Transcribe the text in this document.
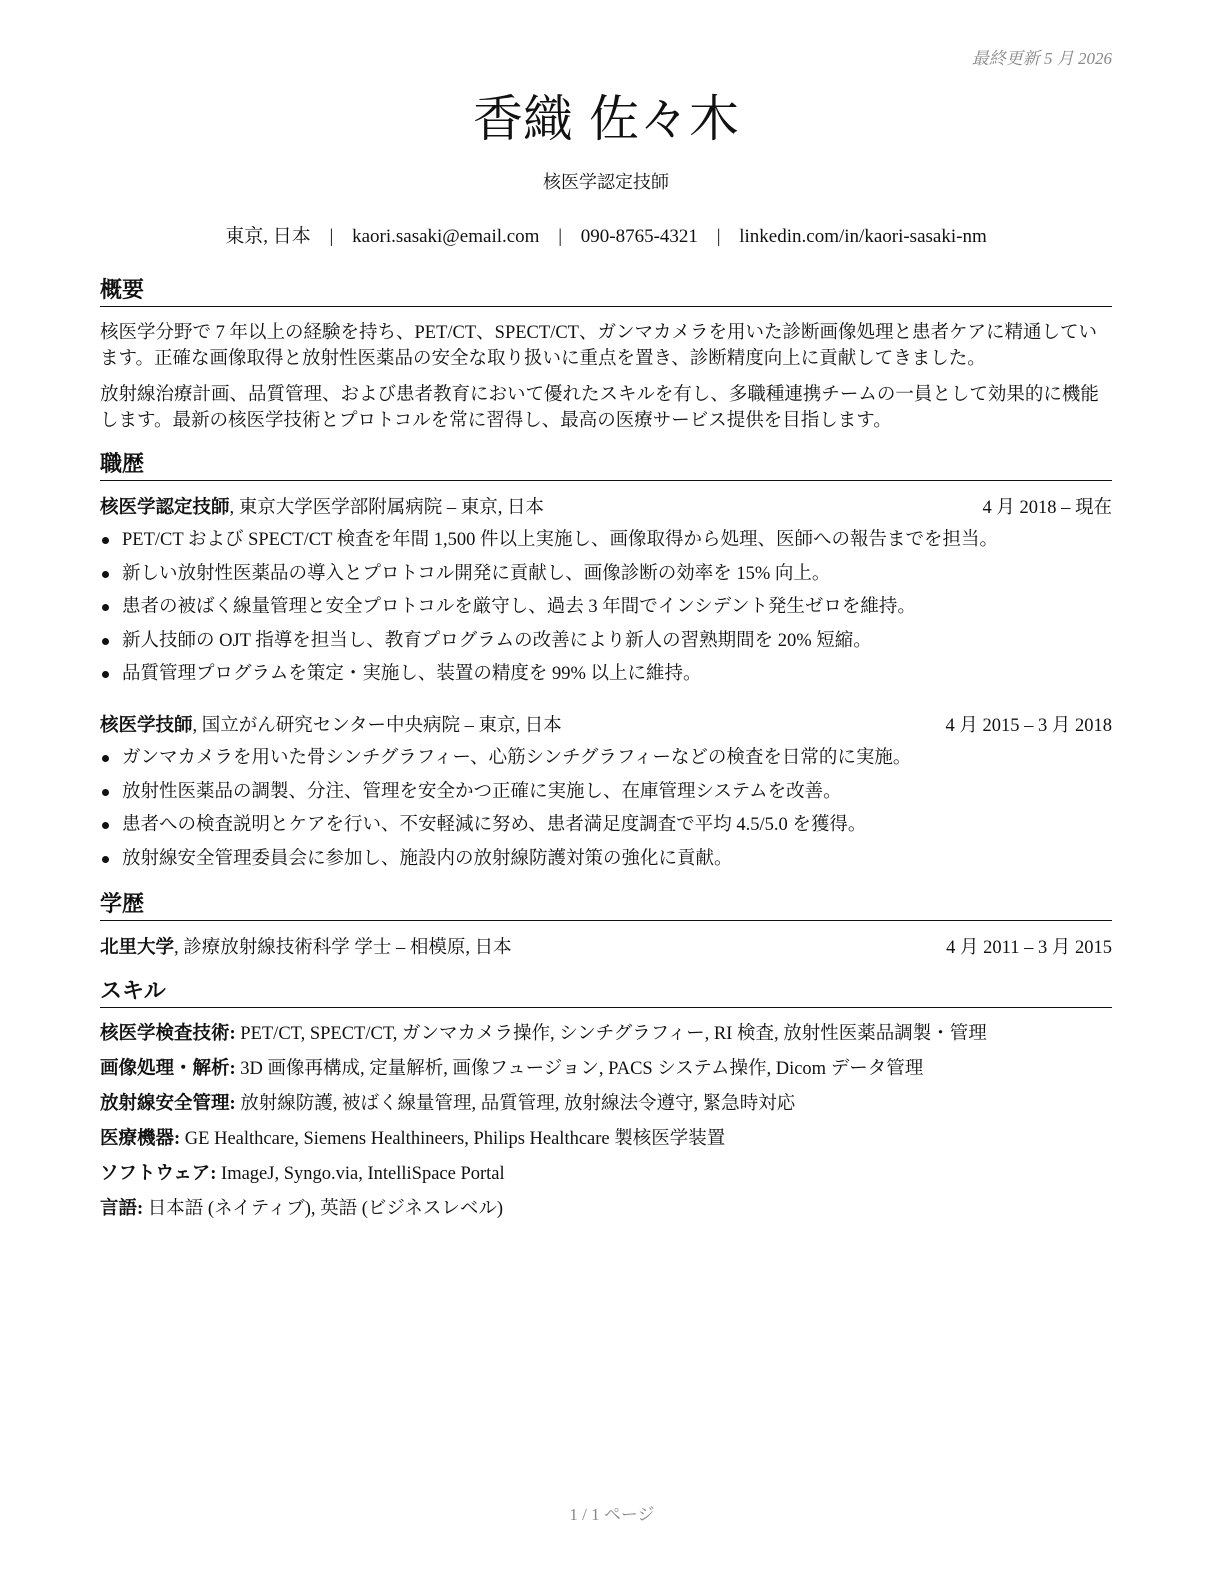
最終更新 5 月 2026
香織 佐々木
核医学認定技師
東京, 日本 | kaori.sasaki@email.com | 090-8765-4321 | linkedin.com/in/kaori-sasaki-nm
概要
核医学分野で 7 年以上の経験を持ち、PET/CT、SPECT/CT、ガンマカメラを用いた診断画像処理と患者ケアに精通しています。正確な画像取得と放射性医薬品の安全な取り扱いに重点を置き、診断精度向上に貢献してきました。
放射線治療計画、品質管理、および患者教育において優れたスキルを有し、多職種連携チームの一員として効果的に機能します。最新の核医学技術とプロトコルを常に習得し、最高の医療サービス提供を目指します。
職歴
核医学認定技師, 東京大学医学部附属病院 – 東京, 日本	4 月 2018 – 現在
PET/CT および SPECT/CT 検査を年間 1,500 件以上実施し、画像取得から処理、医師への報告までを担当。
新しい放射性医薬品の導入とプロトコル開発に貢献し、画像診断の効率を 15% 向上。
患者の被ばく線量管理と安全プロトコルを厳守し、過去 3 年間でインシデント発生ゼロを維持。
新人技師の OJT 指導を担当し、教育プログラムの改善により新人の習熟期間を 20% 短縮。
品質管理プログラムを策定・実施し、装置の精度を 99% 以上に維持。
核医学技師, 国立がん研究センター中央病院 – 東京, 日本	4 月 2015 – 3 月 2018
ガンマカメラを用いた骨シンチグラフィー、心筋シンチグラフィーなどの検査を日常的に実施。
放射性医薬品の調製、分注、管理を安全かつ正確に実施し、在庫管理システムを改善。
患者への検査説明とケアを行い、不安軽減に努め、患者満足度調査で平均 4.5/5.0 を獲得。
放射線安全管理委員会に参加し、施設内の放射線防護対策の強化に貢献。
学歴
北里大学, 診療放射線技術科学 学士 – 相模原, 日本	4 月 2011 – 3 月 2015
スキル
核医学検査技術: PET/CT, SPECT/CT, ガンマカメラ操作, シンチグラフィー, RI 検査, 放射性医薬品調製・管理
画像処理・解析: 3D 画像再構成, 定量解析, 画像フュージョン, PACS システム操作, Dicom データ管理
放射線安全管理: 放射線防護, 被ばく線量管理, 品質管理, 放射線法令遵守, 緊急時対応
医療機器: GE Healthcare, Siemens Healthineers, Philips Healthcare 製核医学装置
ソフトウェア: ImageJ, Syngo.via, IntelliSpace Portal
言語: 日本語 (ネイティブ), 英語 (ビジネスレベル)
1 / 1 ページ
